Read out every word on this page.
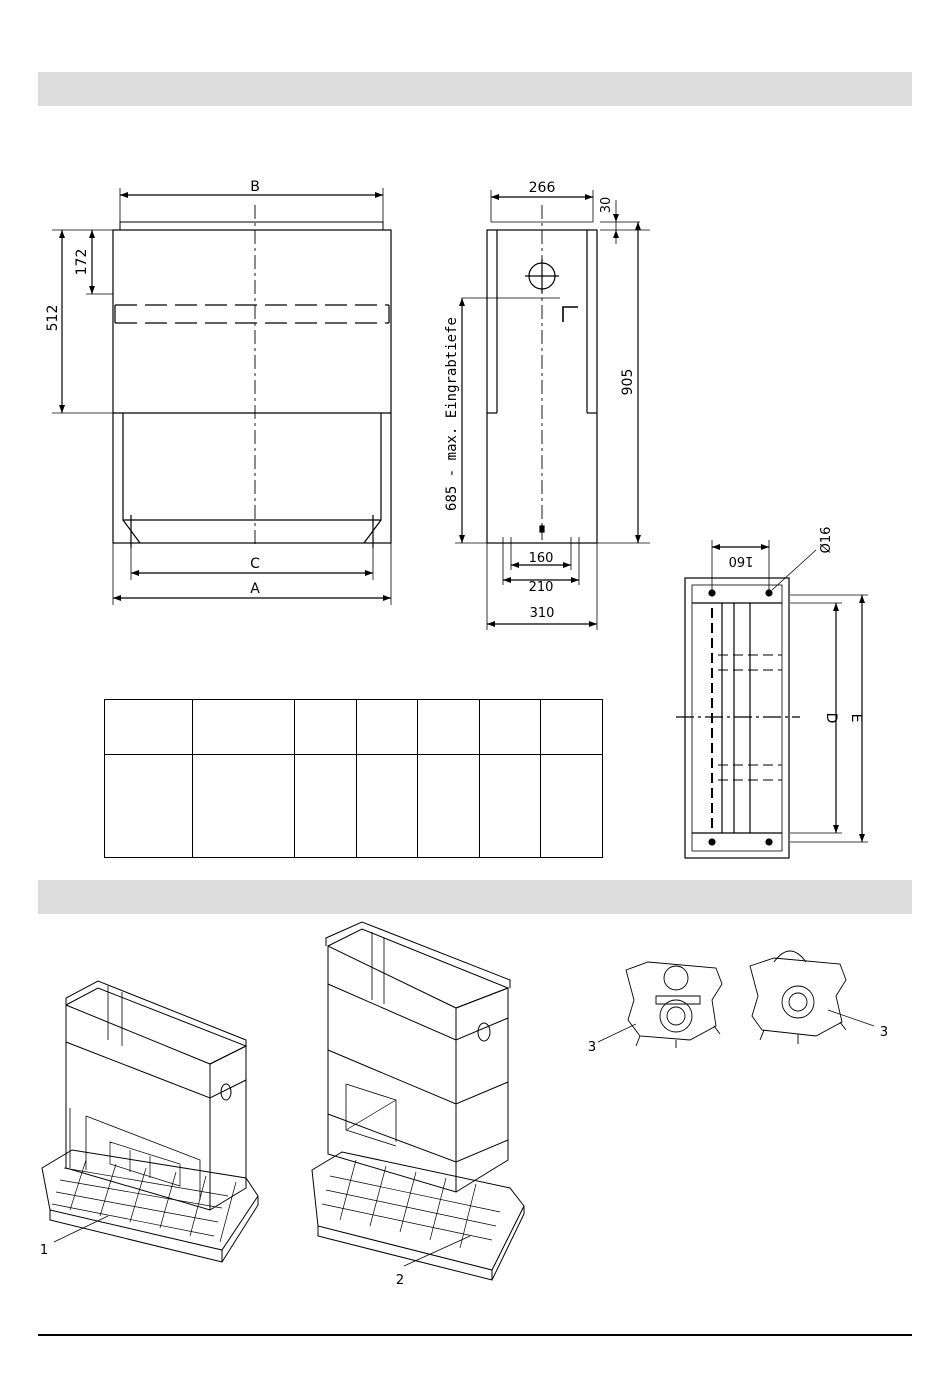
B
C
A
512
172
266
30
905
685 - max. Eingrabtiefe
160
210
310
160
Ø16
D E
1
2
3
3
